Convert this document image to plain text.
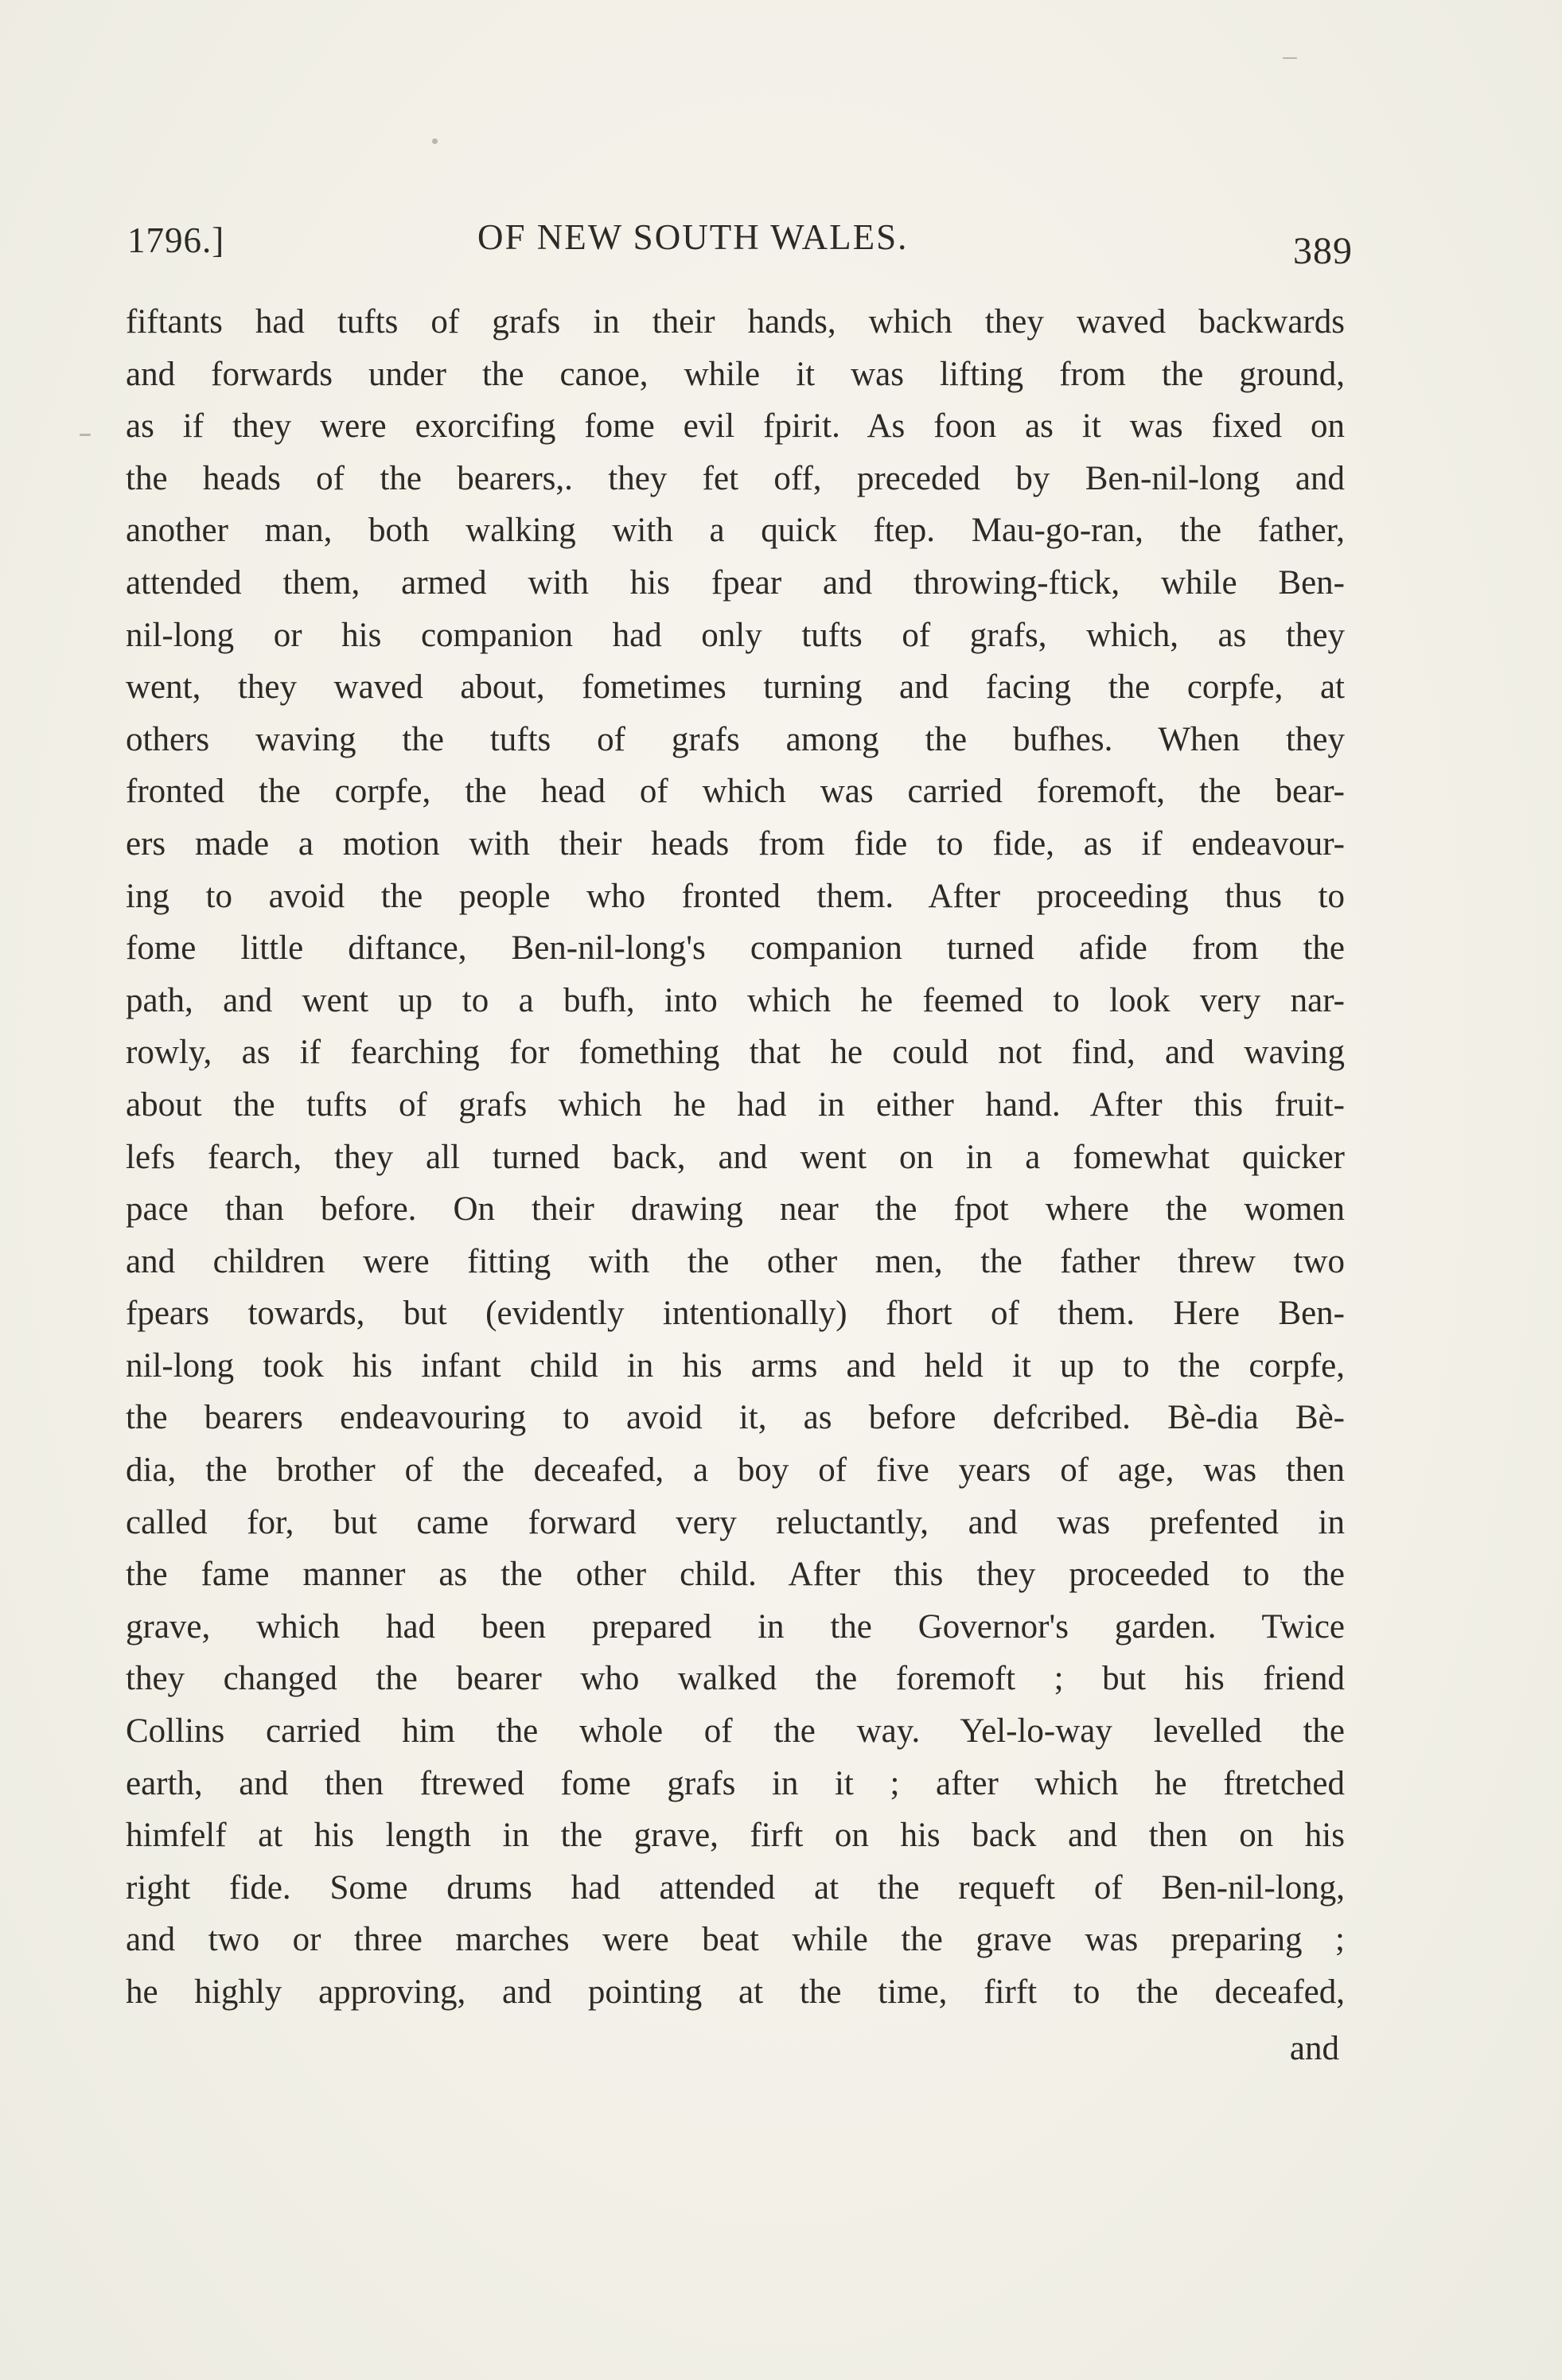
1796.]	OF NEW SOUTH WALES.	389
fiftants had tufts of grafs in their hands, which they waved backwards
and forwards under the canoe, while it was lifting from the ground,
as if they were exorcifing fome evil fpirit. As foon as it was fixed on
the heads of the bearers,. they fet off, preceded by Ben-nil-long and
another man, both walking with a quick ftep. Mau-go-ran, the father,
attended them, armed with his fpear and throwing-ftick, while Ben-
nil-long or his companion had only tufts of grafs, which, as they
went, they waved about, fometimes turning and facing the corpfe, at
others waving the tufts of grafs among the bufhes. When they
fronted the corpfe, the head of which was carried foremoft, the bear-
ers made a motion with their heads from fide to fide, as if endeavour-
ing to avoid the people who fronted them. After proceeding thus to
fome little diftance, Ben-nil-long's companion turned afide from the
path, and went up to a bufh, into which he feemed to look very nar-
rowly, as if fearching for fomething that he could not find, and waving
about the tufts of grafs which he had in either hand. After this fruit-
lefs fearch, they all turned back, and went on in a fomewhat quicker
pace than before. On their drawing near the fpot where the women
and children were fitting with the other men, the father threw two
fpears towards, but (evidently intentionally) fhort of them. Here Ben-
nil-long took his infant child in his arms and held it up to the corpfe,
the bearers endeavouring to avoid it, as before defcribed. Bè-dia Bè-
dia, the brother of the deceafed, a boy of five years of age, was then
called for, but came forward very reluctantly, and was prefented in
the fame manner as the other child. After this they proceeded to the
grave, which had been prepared in the Governor's garden. Twice
they changed the bearer who walked the foremoft ; but his friend
Collins carried him the whole of the way. Yel-lo-way levelled the
earth, and then ftrewed fome grafs in it ; after which he ftretched
himfelf at his length in the grave, firft on his back and then on his
right fide. Some drums had attended at the requeft of Ben-nil-long,
and two or three marches were beat while the grave was preparing ;
he highly approving, and pointing at the time, firft to the deceafed,
and
